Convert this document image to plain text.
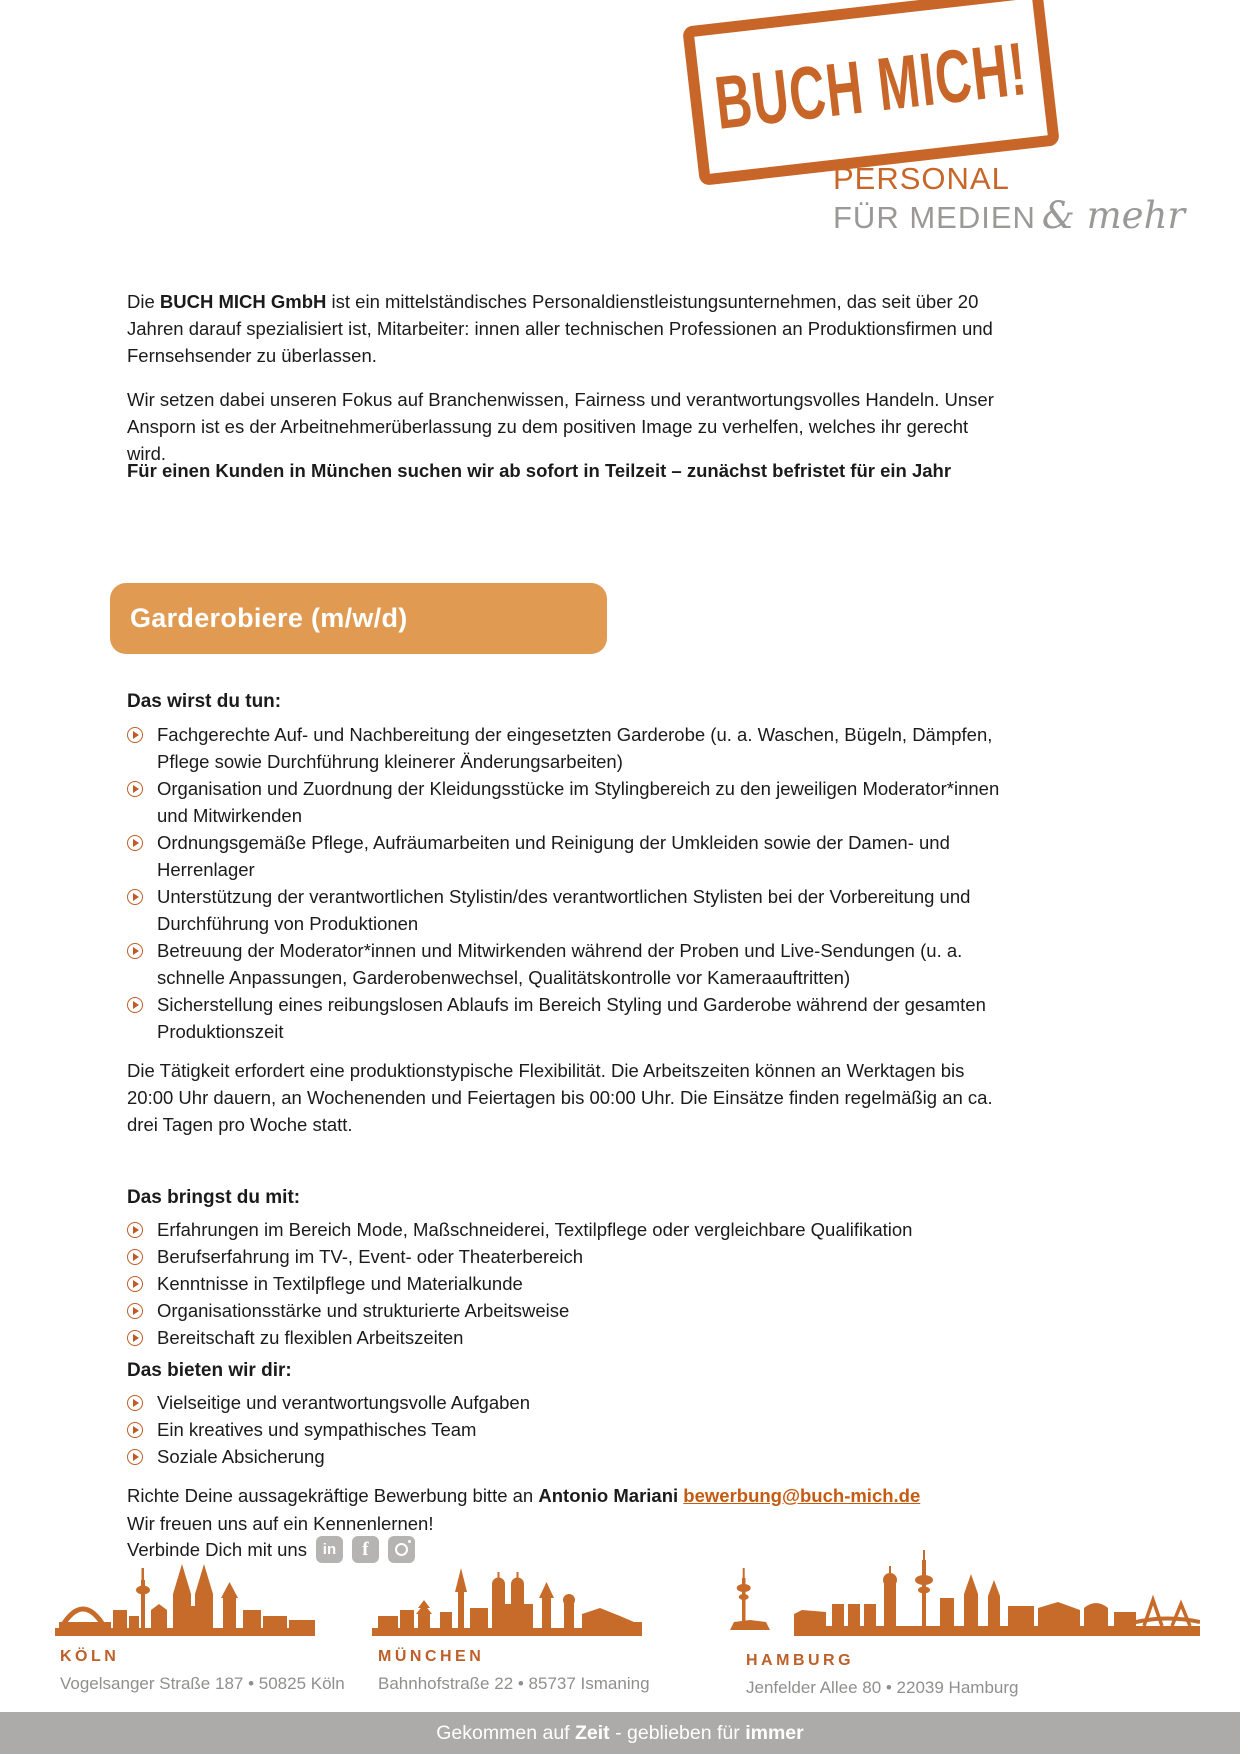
BUCH MICH!
PERSONAL
FÜR MEDIEN & mehr

Die BUCH MICH GmbH ist ein mittelständisches Personaldienstleistungsunternehmen, das seit über 20 Jahren darauf spezialisiert ist, Mitarbeiter: innen aller technischen Professionen an Produktionsfirmen und Fernsehsender zu überlassen.

Wir setzen dabei unseren Fokus auf Branchenwissen, Fairness und verantwortungsvolles Handeln. Unser Ansporn ist es der Arbeitnehmerüberlassung zu dem positiven Image zu verhelfen, welches ihr gerecht wird.

Für einen Kunden in München suchen wir ab sofort in Teilzeit – zunächst befristet für ein Jahr

Garderobiere (m/w/d)
Das wirst du tun:
Fachgerechte Auf- und Nachbereitung der eingesetzten Garderobe (u. a. Waschen, Bügeln, Dämpfen, Pflege sowie Durchführung kleinerer Änderungsarbeiten)
Organisation und Zuordnung der Kleidungsstücke im Stylingbereich zu den jeweiligen Moderator*innen und Mitwirkenden
Ordnungsgemäße Pflege, Aufräumarbeiten und Reinigung der Umkleiden sowie der Damen- und Herrenlager
Unterstützung der verantwortlichen Stylistin/des verantwortlichen Stylisten bei der Vorbereitung und Durchführung von Produktionen
Betreuung der Moderator*innen und Mitwirkenden während der Proben und Live-Sendungen (u. a. schnelle Anpassungen, Garderobenwechsel, Qualitätskontrolle vor Kameraauftritten)
Sicherstellung eines reibungslosen Ablaufs im Bereich Styling und Garderobe während der gesamten Produktionszeit

Die Tätigkeit erfordert eine produktionstypische Flexibilität. Die Arbeitszeiten können an Werktagen bis 20:00 Uhr dauern, an Wochenenden und Feiertagen bis 00:00 Uhr. Die Einsätze finden regelmäßig an ca. drei Tagen pro Woche statt.

Das bringst du mit:
Erfahrungen im Bereich Mode, Maßschneiderei, Textilpflege oder vergleichbare Qualifikation
Berufserfahrung im TV-, Event- oder Theaterbereich
Kenntnisse in Textilpflege und Materialkunde
Organisationsstärke und strukturierte Arbeitsweise
Bereitschaft zu flexiblen Arbeitszeiten
Das bieten wir dir:
Vielseitige und verantwortungsvolle Aufgaben
Ein kreatives und sympathisches Team
Soziale Absicherung

Richte Deine aussagekräftige Bewerbung bitte an Antonio Mariani bewerbung@buch-mich.de

Wir freuen uns auf ein Kennenlernen!

Verbinde Dich mit uns in f
KÖLN
Vogelsanger Straße 187 • 50825 Köln
MÜNCHEN
Bahnhofstraße 22 • 85737 Ismaning
HAMBURG
Jenfelder Allee 80 • 22039 Hamburg
Gekommen auf Zeit - geblieben für immer
